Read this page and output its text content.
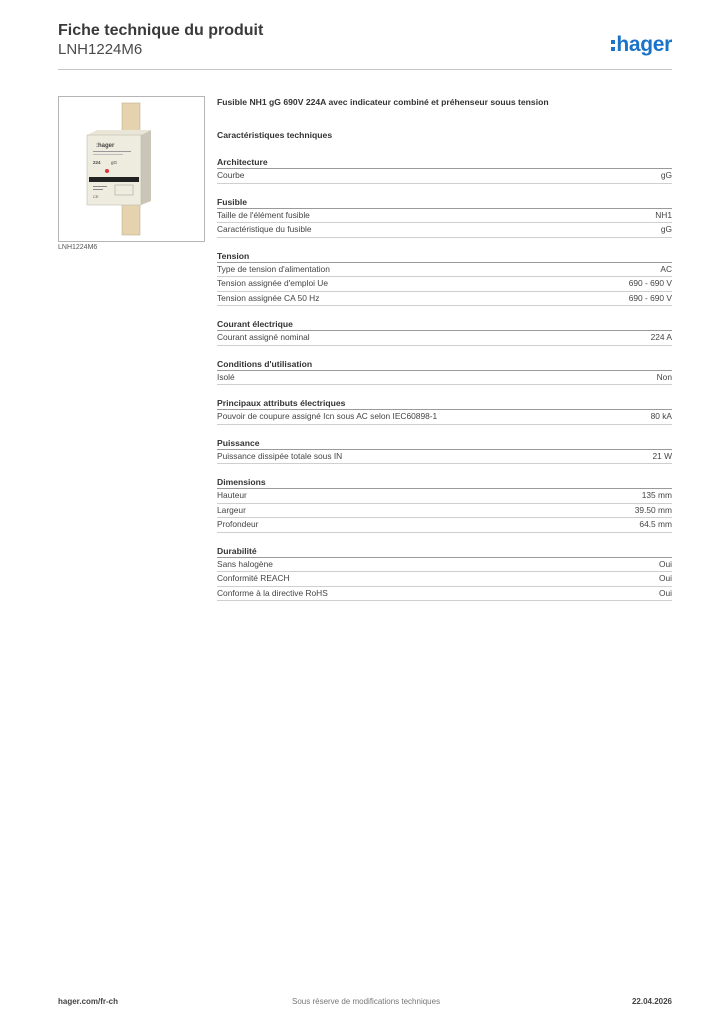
Fiche technique du produit
LNH1224M6	hager
:hager
224 gG
CE
LNH1224M6
Fusible NH1 gG 690V 224A avec indicateur combiné et préhenseur souus tension
Caractéristiques techniques
Architecture
Courbe	gG
Fusible
Taille de l'élément fusible	NH1
Caractéristique du fusible	gG
Tension
Type de tension d'alimentation	AC
Tension assignée d'emploi Ue	690 - 690 V
Tension assignée CA 50 Hz	690 - 690 V
Courant électrique
Courant assigné nominal	224 A
Conditions d'utilisation
Isolé	Non
Principaux attributs électriques
Pouvoir de coupure assigné Icn sous AC selon IEC60898-1	80 kA
Puissance
Puissance dissipée totale sous IN	21 W
Dimensions
Hauteur	135 mm
Largeur	39.50 mm
Profondeur	64.5 mm
Durabilité
Sans halogène	Oui
Conformité REACH	Oui
Conforme à la directive RoHS	Oui
hager.com/fr-ch	Sous réserve de modifications techniques	22.04.2026
